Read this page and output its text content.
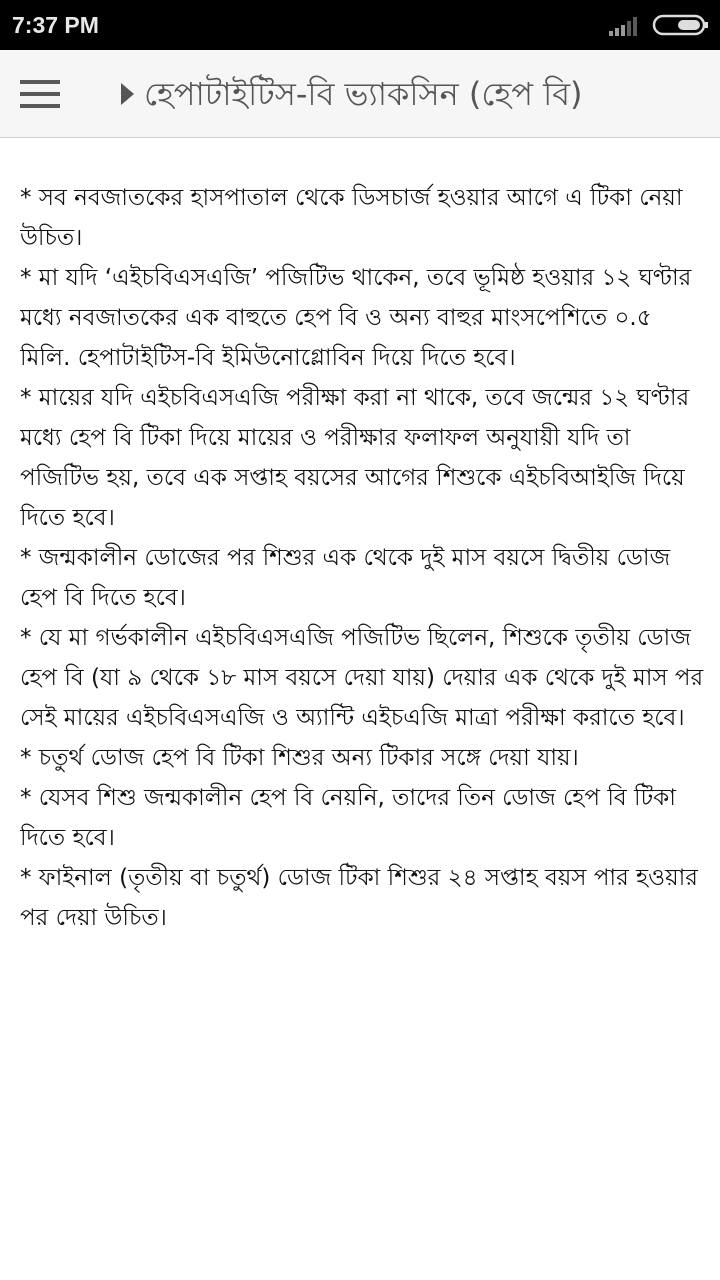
7:37 PM
হেপাটাইটিস-বি ভ্যাকসিন (হেপ বি)

* সব নবজাতকের হাসপাতাল থেকে ডিসচার্জ হওয়ার আগে এ টিকা নেয়া উচিত।

* মা যদি ‘এইচবিএসএজি’ পজিটিভ থাকেন, তবে ভূমিষ্ঠ হওয়ার ১২ ঘণ্টার মধ্যে নবজাতকের এক বাহুতে হেপ বি ও অন্য বাহুর মাংসপেশিতে ০.৫ মিলি. হেপাটাইটিস-বি ইমিউনোগ্লোবিন দিয়ে দিতে হবে।

* মায়ের যদি এইচবিএসএজি পরীক্ষা করা না থাকে, তবে জন্মের ১২ ঘণ্টার মধ্যে হেপ বি টিকা দিয়ে মায়ের ও পরীক্ষার ফলাফল অনুযায়ী যদি তা পজিটিভ হয়, তবে এক সপ্তাহ বয়সের আগের শিশুকে এইচবিআইজি দিয়ে দিতে হবে।

* জন্মকালীন ডোজের পর শিশুর এক থেকে দুই মাস বয়সে দ্বিতীয় ডোজ হেপ বি দিতে হবে।

* যে মা গর্ভকালীন এইচবিএসএজি পজিটিভ ছিলেন, শিশুকে তৃতীয় ডোজ হেপ বি (যা ৯ থেকে ১৮ মাস বয়সে দেয়া যায়) দেয়ার এক থেকে দুই মাস পর সেই মায়ের এইচবিএসএজি ও অ্যান্টি এইচএজি মাত্রা পরীক্ষা করাতে হবে।

* চতুর্থ ডোজ হেপ বি টিকা শিশুর অন্য টিকার সঙ্গে দেয়া যায়।

* যেসব শিশু জন্মকালীন হেপ বি নেয়নি, তাদের তিন ডোজ হেপ বি টিকা দিতে হবে।

* ফাইনাল (তৃতীয় বা চতুর্থ) ডোজ টিকা শিশুর ২৪ সপ্তাহ বয়স পার হওয়ার পর দেয়া উচিত।
